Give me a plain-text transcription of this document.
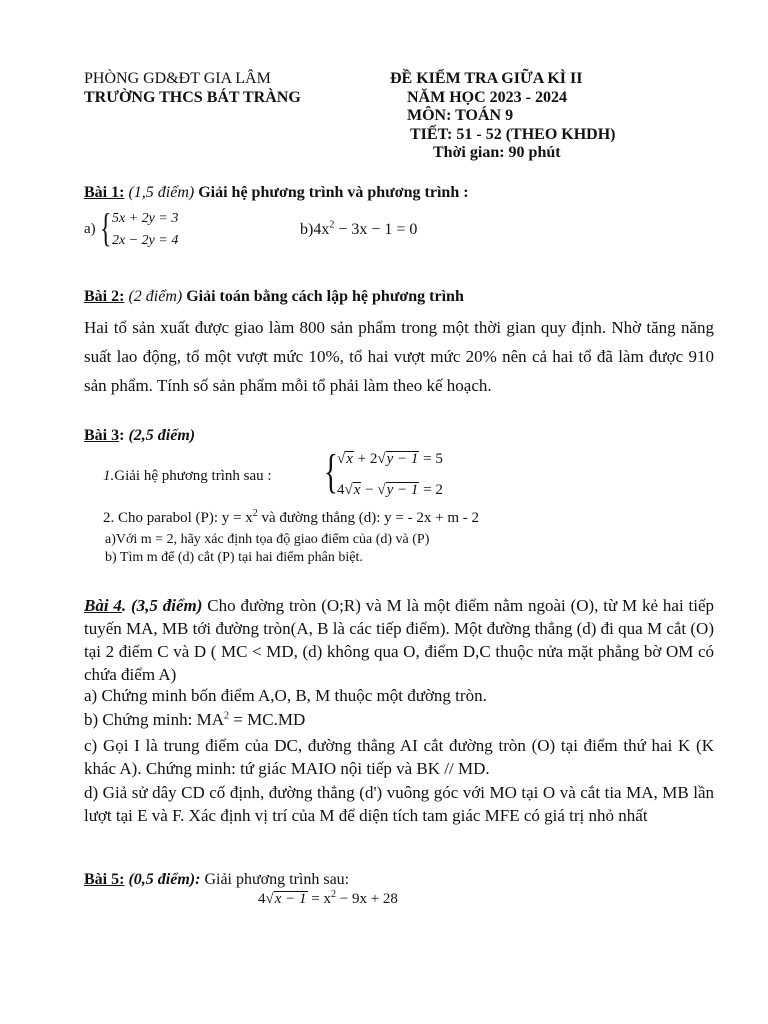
PHÒNG GD&ĐT GIA LÂM
TRƯỜNG THCS BÁT TRÀNG
ĐỀ KIỂM TRA GIỮA KÌ II
NĂM HỌC 2023 - 2024
MÔN: TOÁN 9
TIẾT: 51 - 52 (THEO KHDH)
Thời gian: 90 phút
Bài 1: (1,5 điểm) Giải hệ phương trình và phương trình :
a) { 5x + 2y = 3
2x − 2y = 4
$b)4x^2 - 3x - 1 = 0$
Bài 2: (2 điểm) Giải toán bằng cách lập hệ phương trình
Hai tổ sản xuất được giao làm 800 sản phẩm trong một thời gian quy định. Nhờ tăng năng suất lao động, tổ một vượt mức 10%, tổ hai vượt mức 20% nên cả hai tổ đã làm được 910 sản phẩm. Tính số sản phẩm mỗi tổ phải làm theo kế hoạch.
Bài 3: (2,5 điểm)
1.Giải hệ phương trình sau : { √x + 2√y − 1 = 5
4√x − √y − 1 = 2
2. Cho parabol (P): $y = x^2$ và đường thẳng (d): y = - 2x + m - 2
a)Với m = 2, hãy xác định tọa độ giao điểm của (d) và (P)
b) Tìm m để (d) cắt (P) tại hai điểm phân biệt.
Bài 4. (3,5 điểm) Cho đường tròn (O;R) và M là một điểm nằm ngoài (O), từ M kẻ hai tiếp tuyến MA, MB tới đường tròn(A, B là các tiếp điểm). Một đường thẳng (d) đi qua M cắt (O) tại 2 điểm C và D ( MC < MD, (d) không qua O, điểm D,C thuộc nửa mặt phẳng bờ OM có chứa điểm A)
a) Chứng minh bốn điểm A,O, B, M thuộc một đường tròn.
b) Chứng minh: $MA^2 = MC.MD$
c) Gọi I là trung điểm của DC, đường thẳng AI cắt đường tròn (O) tại điểm thứ hai K (K khác A). Chứng minh: tứ giác MAIO nội tiếp và BK // MD.
d) Giả sử dây CD cố định, đường thẳng (d') vuông góc với MO tại O và cắt tia MA, MB lần lượt tại E và F. Xác định vị trí của M để diện tích tam giác MFE có giá trị nhỏ nhất
Bài 5: (0,5 điểm): Giải phương trình sau:
$4√x - 1 = x^2 - 9x + 28$
